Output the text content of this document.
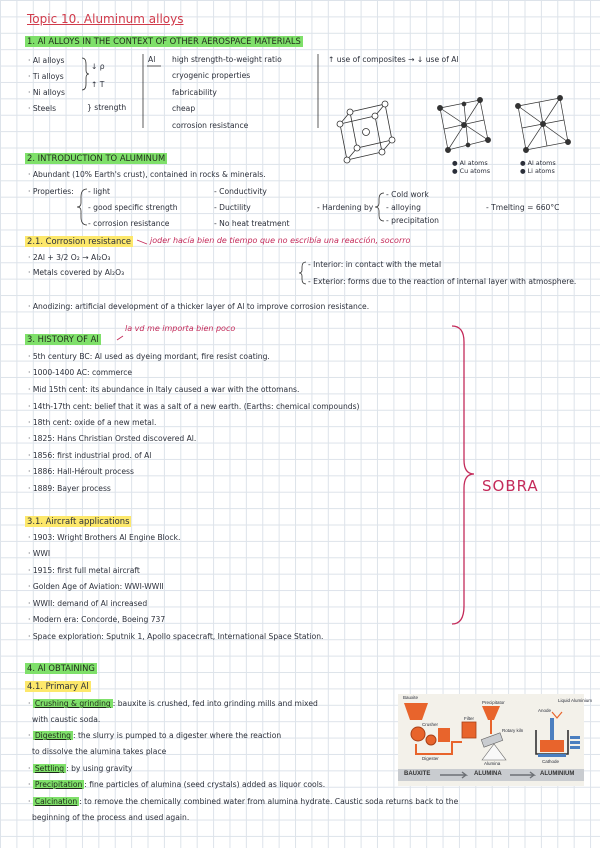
Topic 10. Aluminum alloys
1. Al ALLOYS IN THE CONTEXT OF OTHER AEROSPACE MATERIALS
· Al alloys
· Ti alloys
· Ni alloys
· Steels
↓ ρ
↑ T
} strength
Al high strength-to-weight ratio
cryogenic properties
fabricability
cheap
corrosion resistance
↑ use of composites → ↓ use of Al
● Al atoms
● Cu atoms
● Al atoms
● Li atoms
2. INTRODUCTION TO ALUMINUM
· Abundant (10% Earth's crust), contained in rocks & minerals.
· Properties: - light
- good specific strength
- corrosion resistance
- Conductivity
- Ductility
- No heat treatment
- Hardening by
- Cold work
- alloying
- precipitation
- Tmelting = 660°C
2.1. Corrosion resistance joder hacía bien de tiempo que no escribía una reacción, socorro
· 2Al + 3/2 O₂ → Al₂O₃
· Metals covered by Al₂O₃
- Interior: in contact with the metal
- Exterior: forms due to the reaction of internal layer with atmosphere.
· Anodizing: artificial development of a thicker layer of Al to improve corrosion resistance.
3. HISTORY OF Al
la vd me importa bien poco
· 5th century BC: Al used as dyeing mordant, fire resist coating.
· 1000-1400 AC: commerce
· Mid 15th cent: its abundance in Italy caused a war with the ottomans.
· 14th-17th cent: belief that it was a salt of a new earth. (Earths: chemical compounds)
· 18th cent: oxide of a new metal.
· 1825: Hans Christian Orsted discovered Al.
· 1856: first industrial prod. of Al
· 1886: Hall-Héroult process
· 1889: Bayer process	SOBRA
3.1. Aircraft applications
· 1903: Wright Brothers Al Engine Block.
· WWI
· 1915: first full metal aircraft
· Golden Age of Aviation: WWI-WWII
· WWII: demand of Al increased
· Modern era: Concorde, Boeing 737
· Space exploration: Sputnik 1, Apollo spacecraft, International Space Station.
4. Al OBTAINING
4.1. Primary Al
· Crushing & grinding : bauxite is crushed, fed into grinding mills and mixed
with caustic soda.
· Digesting : the slurry is pumped to a digester where the reaction
to dissolve the alumina takes place
· Settling : by using gravity
· Precipitation : fine particles of alumina (seed crystals) added as liquor cools.
· Calcination : to remove the chemically combined water from alumina hydrate. Caustic soda returns back to the
beginning of the process and used again.
Bauxite
Precipitator
Crusher
Filter
Rotary kiln
Digester
Alumina
Anode
Liquid Aluminium
Cathode
BAUXITE	ALUMINA	ALUMINIUM
